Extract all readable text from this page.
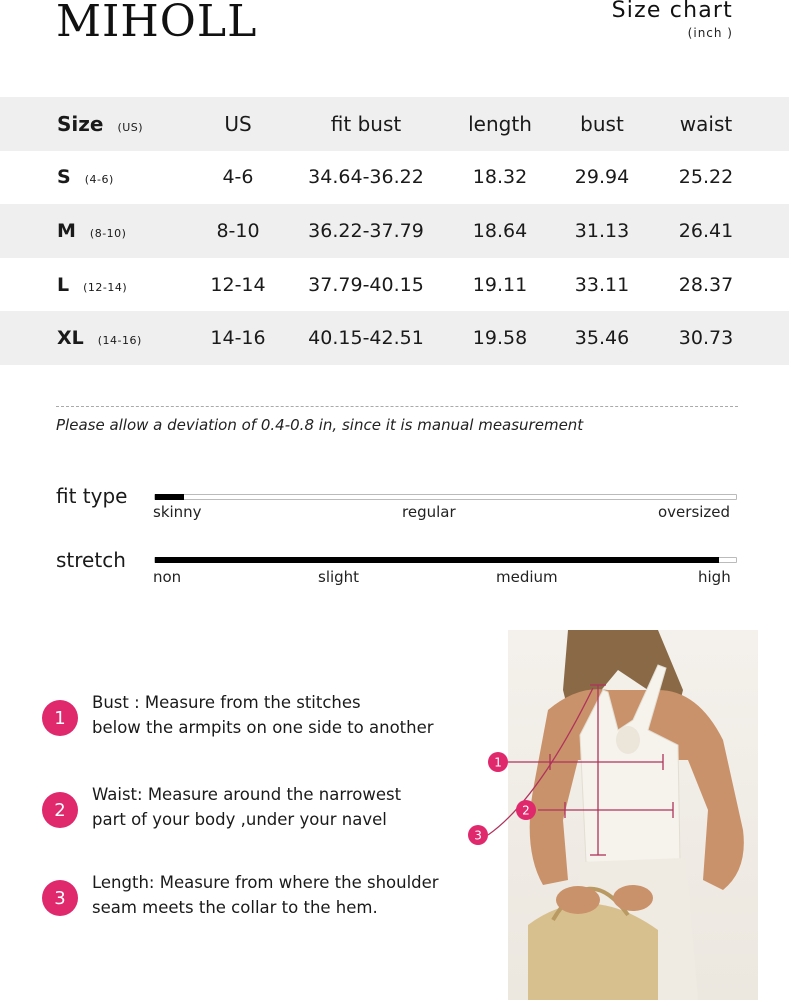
MIHOLL	Size chart
(inch )
Size (US)	US	fit bust	length	bust	waist
S (4-6)	4-6	34.64-36.22	18.32	29.94	25.22
M (8-10)	8-10	36.22-37.79	18.64	31.13	26.41
L (12-14)	12-14	37.79-40.15	19.11	33.11	28.37
XL (14-16)	14-16	40.15-42.51	19.58	35.46	30.73
Please allow a deviation of 0.4-0.8 in, since it is manual measurement
fit type
skinny	regular	oversized
stretch
non	slight	medium	high
1
Bust : Measure from the stitches
below the armpits on one side to another
2
Waist: Measure around the narrowest
part of your body ,under your navel
3
Length: Measure from where the shoulder
seam meets the collar to the hem.
1
2
3
